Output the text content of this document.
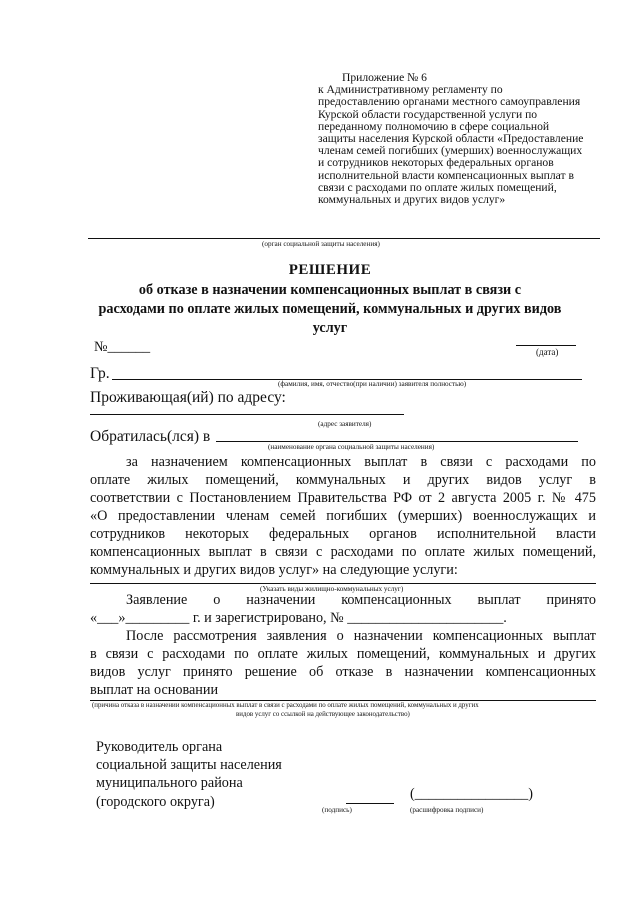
Приложение № 6
к Административному регламенту по
предоставлению органами местного самоуправления
Курской области государственной услуги по
переданному полномочию в сфере социальной
защиты населения Курской области «Предоставление
членам семей погибших (умерших) военнослужащих
и сотрудников некоторых федеральных органов
исполнительной власти компенсационных выплат в
связи с расходами по оплате жилых помещений,
коммунальных и других видов услуг»
(орган социальной защиты населения)
РЕШЕНИЕ
об отказе в назначении компенсационных выплат в связи с
расходами по оплате жилых помещений, коммунальных и других видов
услуг
№______	(дата)
Гр.
(фамилия, имя, отчество(при наличии) заявителя полностью)
Проживающая(ий) по адресу:
(адрес заявителя)
Обратилась(лся) в
(наименование органа социальной защиты населения)
за назначением компенсационных выплат в связи с расходами по
оплате жилых помещений, коммунальных и других видов услуг в
соответствии с Постановлением Правительства РФ от 2 августа 2005 г. № 475
«О предоставлении членам семей погибших (умерших) военнослужащих и
сотрудников некоторых федеральных органов исполнительной власти
компенсационных выплат в связи с расходами по оплате жилых помещений,
коммунальных и других видов услуг» на следующие услуги:
(Указать виды жилищно-коммунальных услуг)
Заявление о назначении компенсационных выплат принято
«___»_________ г. и зарегистрировано, № ______________________.
После рассмотрения заявления о назначении компенсационных выплат
в связи с расходами по оплате жилых помещений, коммунальных и других
видов услуг принято решение об отказе в назначении компенсационных
выплат на основании
(причина отказа в назначении компенсационных выплат в связи с расходами по оплате жилых помещений, коммунальных и других
видов услуг со ссылкой на действующее законодательство)
Руководитель органа
социальной защиты населения
муниципального района
(городского округа)
(подпись)
(________________)
(расшифровка подписи)
